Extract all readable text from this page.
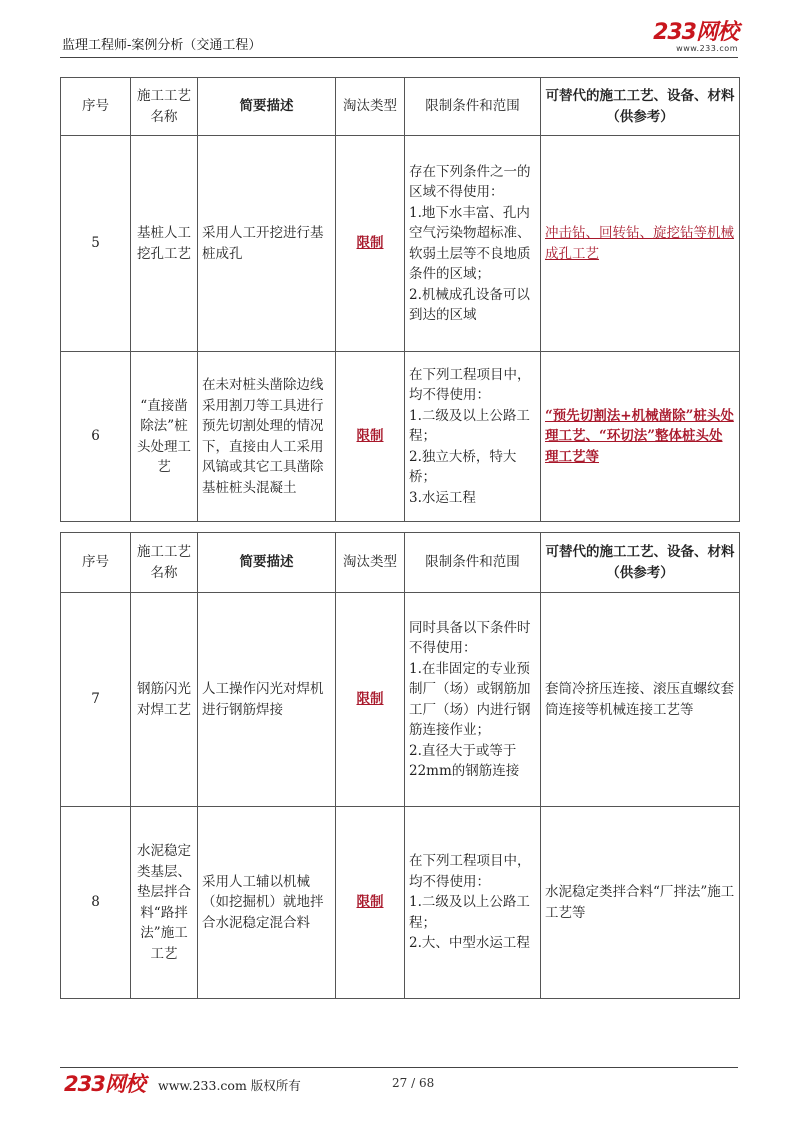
监理工程师-案例分析（交通工程）
233网校
www.233.com
序号	施工工艺名称	简要描述	淘汰类型	限制条件和范围	可替代的施工工艺、设备、材料（供参考）
5	基桩人工挖孔工艺	采用人工开挖进行基桩成孔	限制	存在下列条件之一的区域不得使用：
1.地下水丰富、孔内空气污染物超标准、软弱土层等不良地质条件的区域；
2.机械成孔设备可以到达的区域	冲击钻、回转钻、旋挖钻等机械成孔工艺
6	“直接凿除法”桩头处理工艺	在未对桩头凿除边线采用割刀等工具进行预先切割处理的情况下，直接由人工采用风镐或其它工具凿除基桩桩头混凝土	限制	在下列工程项目中，均不得使用：
1.二级及以上公路工程；
2.独立大桥，特大桥；
3.水运工程	“预先切割法+机械凿除”桩头处理工艺、“环切法”整体桩头处理工艺等
序号	施工工艺名称	简要描述	淘汰类型	限制条件和范围	可替代的施工工艺、设备、材料（供参考）
7	钢筋闪光对焊工艺	人工操作闪光对焊机进行钢筋焊接	限制	同时具备以下条件时不得使用：
1.在非固定的专业预制厂（场）或钢筋加工厂（场）内进行钢筋连接作业；
2.直径大于或等于22mm的钢筋连接	套筒冷挤压连接、滚压直螺纹套筒连接等机械连接工艺等
8	水泥稳定类基层、垫层拌合料“路拌法”施工工艺	采用人工辅以机械（如挖掘机）就地拌合水泥稳定混合料	限制	在下列工程项目中，均不得使用：
1.二级及以上公路工程；
2.大、中型水运工程	水泥稳定类拌合料“厂拌法”施工工艺等
233网校 www.233.com 版权所有	27 / 68
